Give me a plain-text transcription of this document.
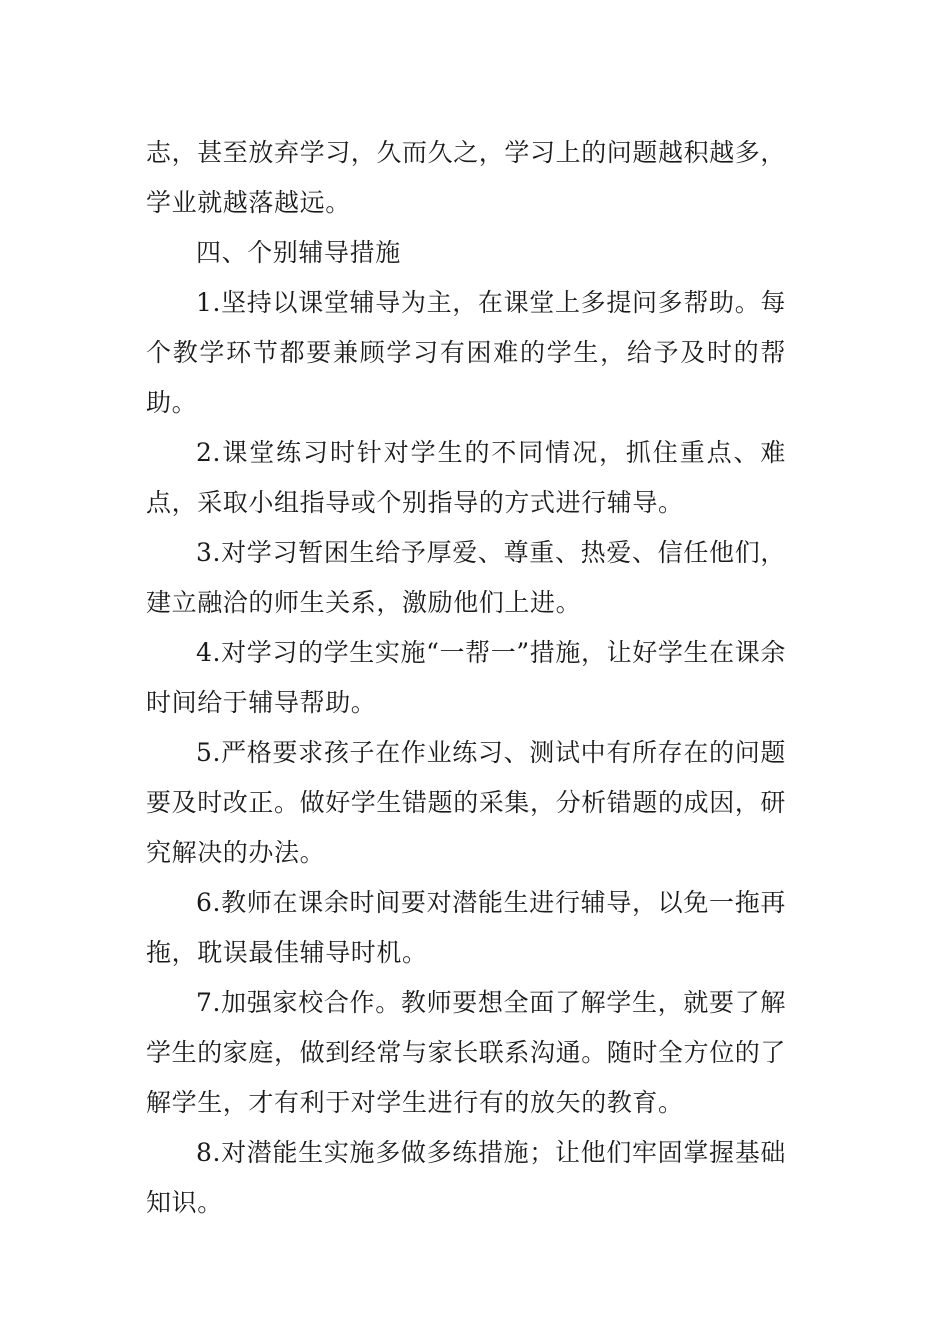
志，甚至放弃学习，久而久之，学习上的问题越积越多，学业就越落越远。

四、个别辅导措施

1.坚持以课堂辅导为主，在课堂上多提问多帮助。每个教学环节都要兼顾学习有困难的学生，给予及时的帮助。

2.课堂练习时针对学生的不同情况，抓住重点、难点，采取小组指导或个别指导的方式进行辅导。

3.对学习暂困生给予厚爱、尊重、热爱、信任他们，建立融洽的师生关系，激励他们上进。

4.对学习的学生实施“一帮一”措施，让好学生在课余时间给于辅导帮助。

5.严格要求孩子在作业练习、测试中有所存在的问题要及时改正。做好学生错题的采集，分析错题的成因，研究解决的办法。

6.教师在课余时间要对潜能生进行辅导，以免一拖再拖，耽误最佳辅导时机。

7.加强家校合作。教师要想全面了解学生，就要了解学生的家庭，做到经常与家长联系沟通。随时全方位的了解学生，才有利于对学生进行有的放矢的教育。

8.对潜能生实施多做多练措施；让他们牢固掌握基础知识。
